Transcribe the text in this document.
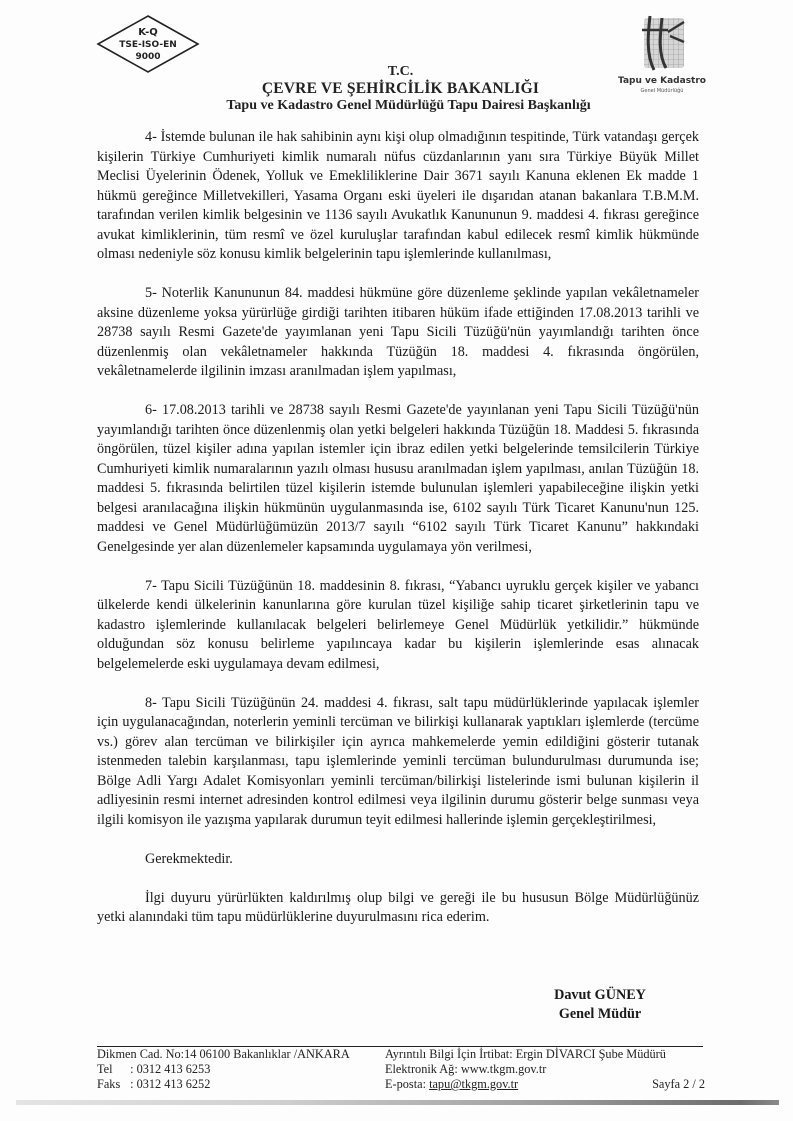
K-Q
TSE-ISO-EN
9000
Tapu ve Kadastro
Genel Müdürlüğü
T.C.
ÇEVRE VE ŞEHİRCİLİK BAKANLIĞI
Tapu ve Kadastro Genel Müdürlüğü Tapu Dairesi Başkanlığı

4- İstemde bulunan ile hak sahibinin aynı kişi olup olmadığının tespitinde, Türk vatandaşı gerçek kişilerin Türkiye Cumhuriyeti kimlik numaralı nüfus cüzdanlarının yanı sıra Türkiye Büyük Millet Meclisi Üyelerinin Ödenek, Yolluk ve Emekliliklerine Dair 3671 sayılı Kanuna eklenen Ek madde 1 hükmü gereğince Milletvekilleri, Yasama Organı eski üyeleri ile dışarıdan atanan bakanlara T.B.M.M. tarafından verilen kimlik belgesinin ve 1136 sayılı Avukatlık Kanununun 9. maddesi 4. fıkrası gereğince avukat kimliklerinin, tüm resmî ve özel kuruluşlar tarafından kabul edilecek resmî kimlik hükmünde olması nedeniyle söz konusu kimlik belgelerinin tapu işlemlerinde kullanılması,

5- Noterlik Kanununun 84. maddesi hükmüne göre düzenleme şeklinde yapılan vekâletnameler aksine düzenleme yoksa yürürlüğe girdiği tarihten itibaren hüküm ifade ettiğinden 17.08.2013 tarihli ve 28738 sayılı Resmi Gazete'de yayımlanan yeni Tapu Sicili Tüzüğü'nün yayımlandığı tarihten önce düzenlenmiş olan vekâletnameler hakkında Tüzüğün 18. maddesi 4. fıkrasında öngörülen, vekâletnamelerde ilgilinin imzası aranılmadan işlem yapılması,

6- 17.08.2013 tarihli ve 28738 sayılı Resmi Gazete'de yayınlanan yeni Tapu Sicili Tüzüğü'nün yayımlandığı tarihten önce düzenlenmiş olan yetki belgeleri hakkında Tüzüğün 18. Maddesi 5. fıkrasında öngörülen, tüzel kişiler adına yapılan istemler için ibraz edilen yetki belgelerinde temsilcilerin Türkiye Cumhuriyeti kimlik numaralarının yazılı olması hususu aranılmadan işlem yapılması, anılan Tüzüğün 18. maddesi 5. fıkrasında belirtilen tüzel kişilerin istemde bulunulan işlemleri yapabileceğine ilişkin yetki belgesi aranılacağına ilişkin hükmünün uygulanmasında ise, 6102 sayılı Türk Ticaret Kanunu'nun 125. maddesi ve Genel Müdürlüğümüzün 2013/7 sayılı “6102 sayılı Türk Ticaret Kanunu” hakkındaki Genelgesinde yer alan düzenlemeler kapsamında uygulamaya yön verilmesi,

7- Tapu Sicili Tüzüğünün 18. maddesinin 8. fıkrası, “Yabancı uyruklu gerçek kişiler ve yabancı ülkelerde kendi ülkelerinin kanunlarına göre kurulan tüzel kişiliğe sahip ticaret şirketlerinin tapu ve kadastro işlemlerinde kullanılacak belgeleri belirlemeye Genel Müdürlük yetkilidir.” hükmünde olduğundan söz konusu belirleme yapılıncaya kadar bu kişilerin işlemlerinde esas alınacak belgelemelerde eski uygulamaya devam edilmesi,

8- Tapu Sicili Tüzüğünün 24. maddesi 4. fıkrası, salt tapu müdürlüklerinde yapılacak işlemler için uygulanacağından, noterlerin yeminli tercüman ve bilirkişi kullanarak yaptıkları işlemlerde (tercüme vs.) görev alan tercüman ve bilirkişiler için ayrıca mahkemelerde yemin edildiğini gösterir tutanak istenmeden talebin karşılanması, tapu işlemlerinde yeminli tercüman bulundurulması durumunda ise; Bölge Adli Yargı Adalet Komisyonları yeminli tercüman/bilirkişi listelerinde ismi bulunan kişilerin il adliyesinin resmi internet adresinden kontrol edilmesi veya ilgilinin durumu gösterir belge sunması veya ilgili komisyon ile yazışma yapılarak durumun teyit edilmesi hallerinde işlemin gerçekleştirilmesi,

Gerekmektedir.

İlgi duyuru yürürlükten kaldırılmış olup bilgi ve gereği ile bu hususun Bölge Müdürlüğünüz yetki alanındaki tüm tapu müdürlüklerine duyurulmasını rica ederim.

Davut GÜNEY
Genel Müdür
Dikmen Cad. No:14 06100 Bakanlıklar /ANKARA
Tel : 0312 413 6253
Faks : 0312 413 6252
Ayrıntılı Bilgi İçin İrtibat: Ergin DİVARCI Şube Müdürü
Elektronik Ağ: www.tkgm.gov.tr
E-posta: tapu@tkgm.gov.tr	Sayfa 2 / 2
